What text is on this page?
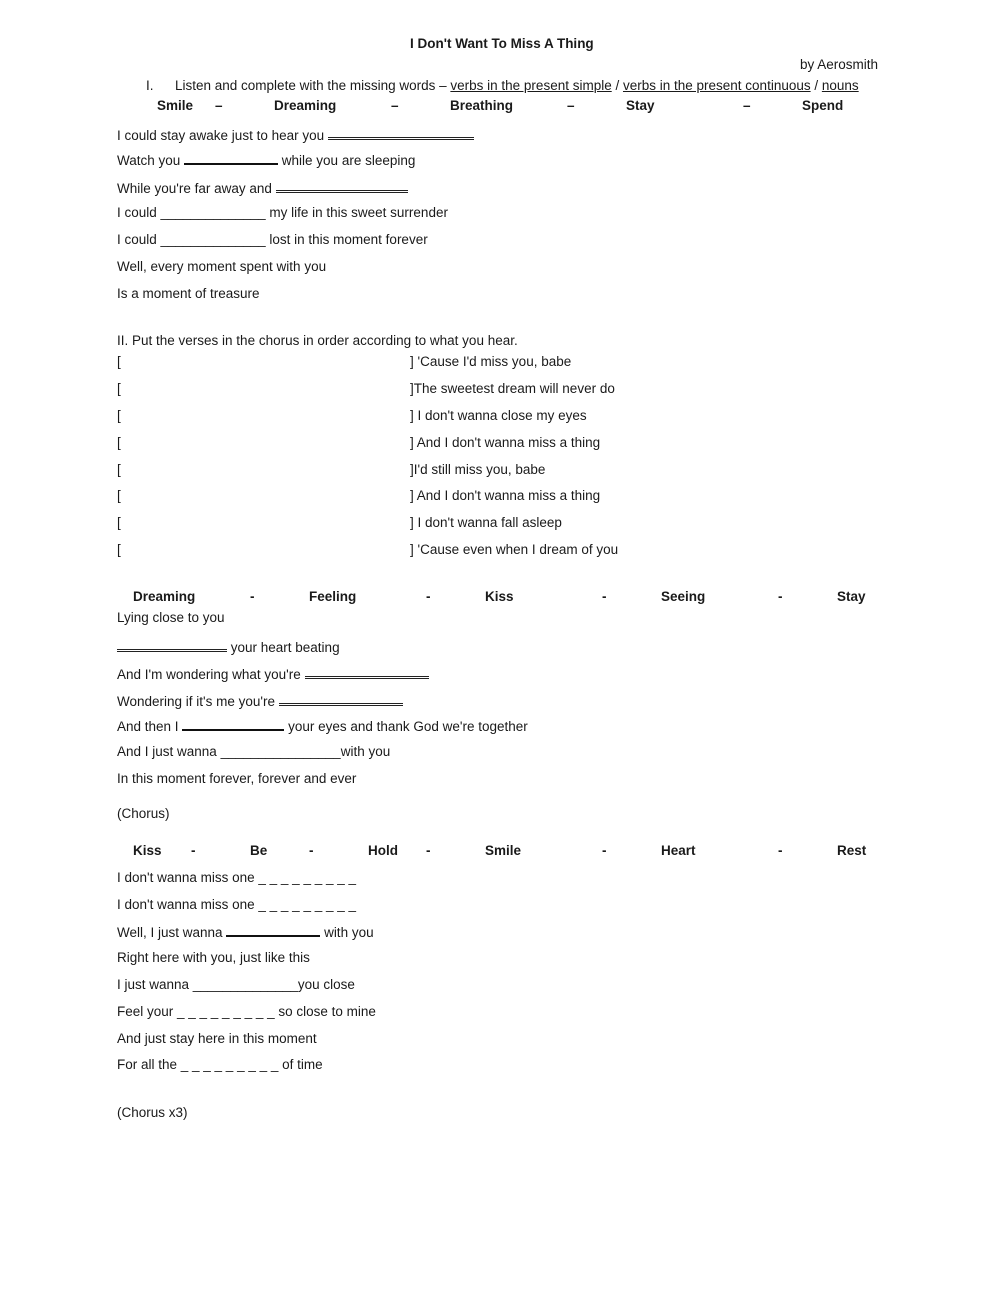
I Don't Want To Miss A Thing
by Aerosmith
I. Listen and complete with the missing words – verbs in the present simple / verbs in the present continuous / nouns
Smile –	Dreaming	–	Breathing	–	Stay	–	Spend
I could stay awake just to hear you
Watch you	while you are sleeping
While you're far away and
I could ______________ my life in this sweet surrender
I could ______________ lost in this moment forever
Well, every moment spent with you
Is a moment of treasure
II. Put the verses in the chorus in order according to what you hear.
[	] 'Cause I'd miss you, babe
[	]The sweetest dream will never do
[	] I don't wanna close my eyes
[	] And I don't wanna miss a thing
[	]I'd still miss you, babe
[	] And I don't wanna miss a thing
[	] I don't wanna fall asleep
[	] 'Cause even when I dream of you
Dreaming	-	Feeling	-	Kiss	-	Seeing	-	Stay
Lying close to you
your heart beating
And I'm wondering what you're
Wondering if it's me you're
And then I	your eyes and thank God we're together
And I just wanna ________________with you
In this moment forever, forever and ever
(Chorus)
Kiss -	Be	-	Hold -	Smile	-	Heart	-	Rest
I don't wanna miss one _ _ _ _ _ _ _ _ _
I don't wanna miss one _ _ _ _ _ _ _ _ _
Well, I just wanna	with you
Right here with you, just like this
I just wanna ______________you close
Feel your _ _ _ _ _ _ _ _ _ so close to mine
And just stay here in this moment
For all the _ _ _ _ _ _ _ _ _ of time
(Chorus x3)
